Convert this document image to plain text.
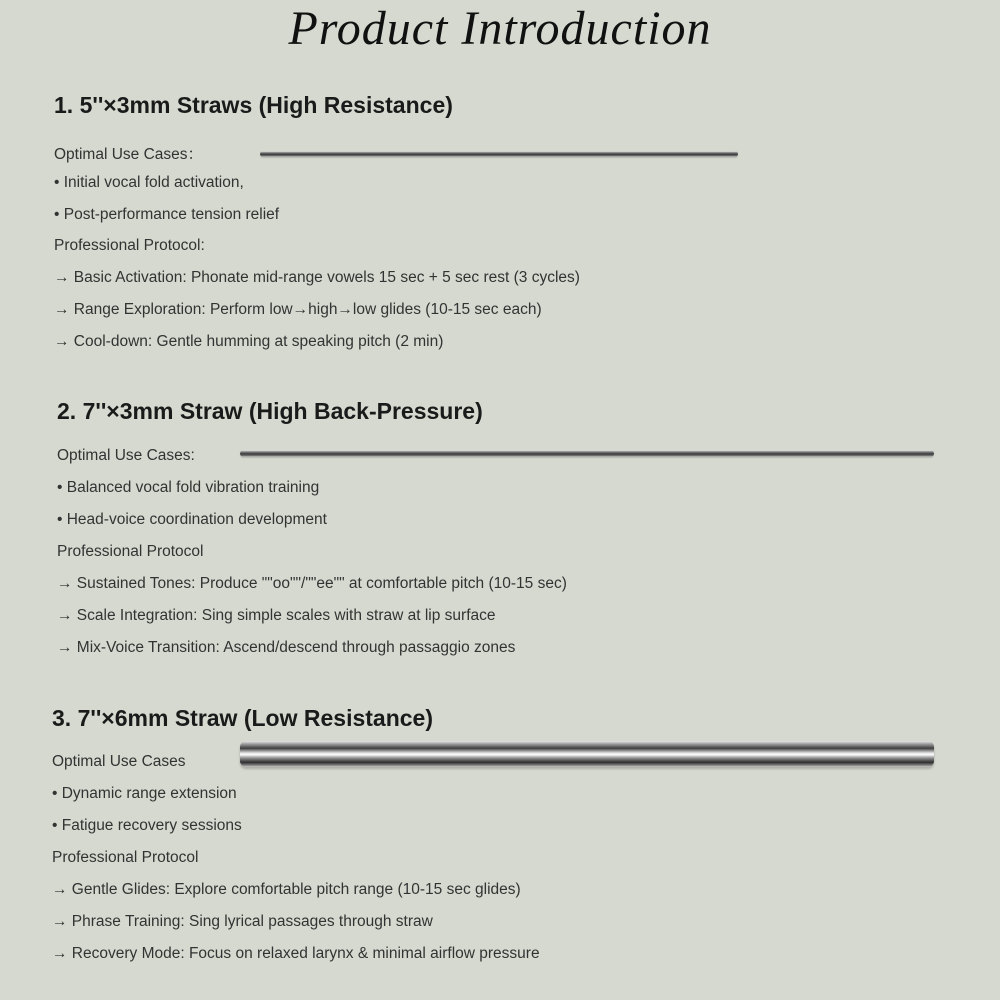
Product Introduction
1. 5''×3mm Straws (High Resistance)
Optimal Use Cases：
• Initial vocal fold activation,
• Post-performance tension relief
Professional Protocol:
→ Basic Activation: Phonate mid-range vowels 15 sec + 5 sec rest (3 cycles)
→ Range Exploration: Perform low→high→low glides (10-15 sec each)
→ Cool-down: Gentle humming at speaking pitch (2 min)
2. 7''×3mm Straw (High Back-Pressure)
Optimal Use Cases:
• Balanced vocal fold vibration training
• Head-voice coordination development
Professional Protocol
→ Sustained Tones: Produce ""oo""/""ee"" at comfortable pitch (10-15 sec)
→ Scale Integration: Sing simple scales with straw at lip surface
→ Mix-Voice Transition: Ascend/descend through passaggio zones
3. 7''×6mm Straw (Low Resistance)
Optimal Use Cases
• Dynamic range extension
• Fatigue recovery sessions
Professional Protocol
→ Gentle Glides: Explore comfortable pitch range (10-15 sec glides)
→ Phrase Training: Sing lyrical passages through straw
→ Recovery Mode: Focus on relaxed larynx & minimal airflow pressure
